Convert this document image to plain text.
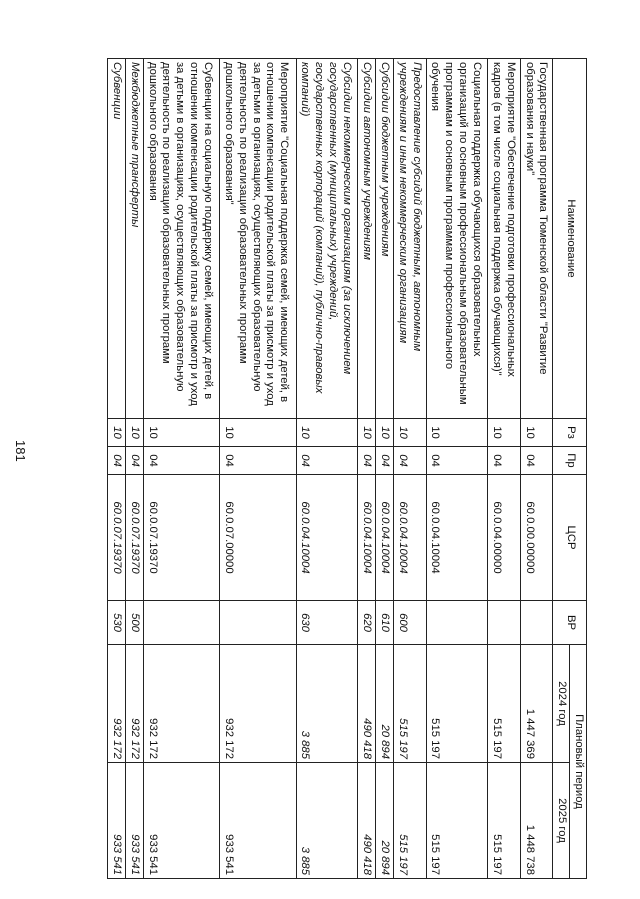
181
Наименование	Рз	Пр	ЦСР	ВР	Плановый период	
					2024 год	2025 год
Государственная программа Тюменской области "Развитие образования и науки"	10	04	60.0.00.00000		1 447 369	1 448 738
Мероприятие "Обеспечение подготовки профессиональных кадров (в том числе социальная поддержка обучающихся)"	10	04	60.0.04.00000		515 197	515 197
Социальная поддержка обучающихся образовательных организаций по основным профессиональным образовательным программам и основным программам профессионального обучения	10	04	60.0.04.10004		515 197	515 197
Предоставление субсидий бюджетным, автономным учреждениям и иным некоммерческим организациям	10	04	60.0.04.10004	600	515 197	515 197
Субсидии бюджетным учреждениям	10	04	60.0.04.10004	610	20 894	20 894
Субсидии автономным учреждениям	10	04	60.0.04.10004	620	490 418	490 418
Субсидии некоммерческим организациям (за исключением государственных (муниципальных) учреждений, государственных корпораций (компаний), публично-правовых компаний)	10	04	60.0.04.10004	630	3 885	3 885
Мероприятие "Социальная поддержка семей, имеющих детей, в отношении компенсации родительской платы за присмотр и уход за детьми в организациях, осуществляющих образовательную деятельность по реализации образовательных программ дошкольного образования"	10	04	60.0.07.00000		932 172	933 541
Субвенции на социальную поддержку семей, имеющих детей, в отношении компенсации родительской платы за присмотр и уход за детьми в организациях, осуществляющих образовательную деятельность по реализации образовательных программ дошкольного образования	10	04	60.0.07.19370		932 172	933 541
Межбюджетные трансферты	10	04	60.0.07.19370	500	932 172	933 541
Субвенции	10	04	60.0.07.19370	530	932 172	933 541
